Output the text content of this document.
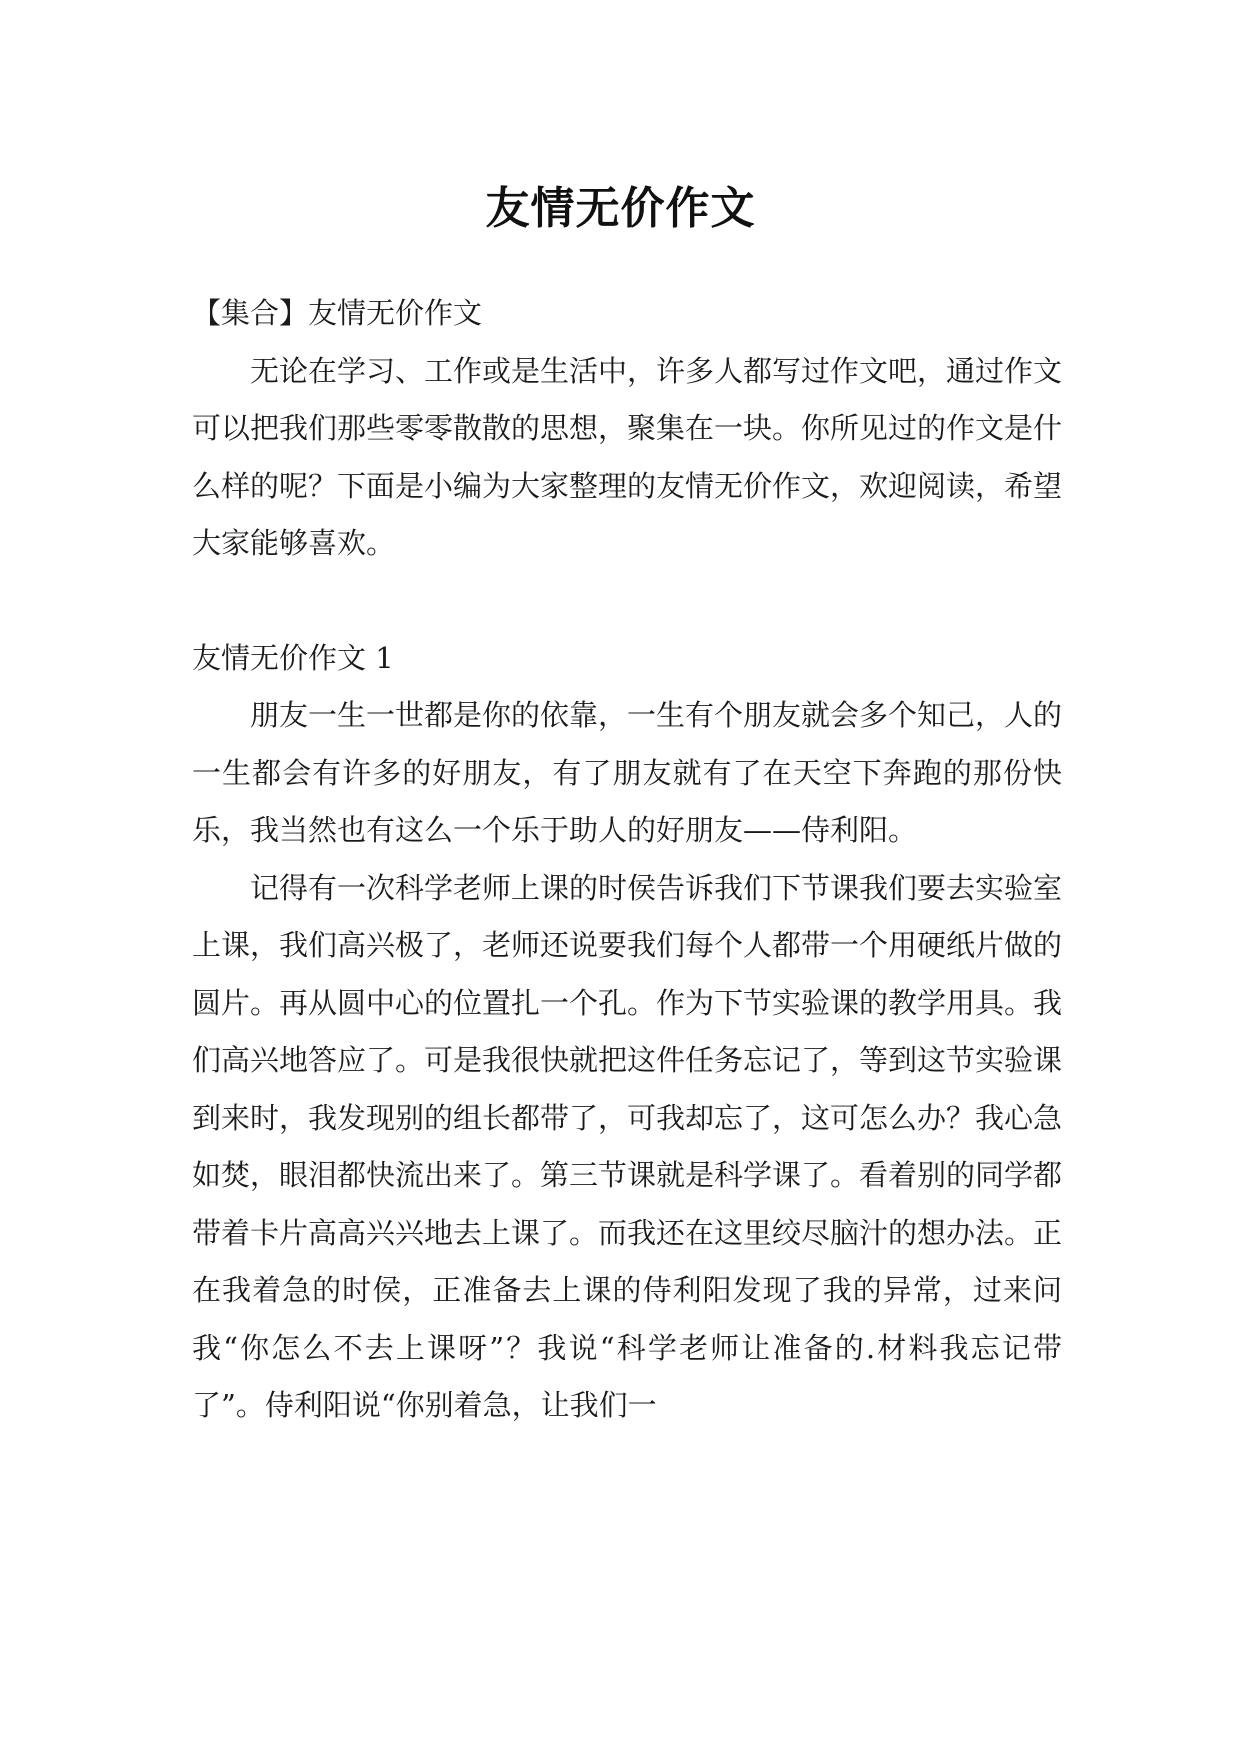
友情无价作文

【集合】友情无价作文

无论在学习、工作或是生活中，许多人都写过作文吧，通过作文可以把我们那些零零散散的思想，聚集在一块。你所见过的作文是什么样的呢？下面是小编为大家整理的友情无价作文，欢迎阅读，希望大家能够喜欢。

友情无价作文 1

朋友一生一世都是你的依靠，一生有个朋友就会多个知己，人的一生都会有许多的好朋友，有了朋友就有了在天空下奔跑的那份快乐，我当然也有这么一个乐于助人的好朋友——侍利阳。

记得有一次科学老师上课的时侯告诉我们下节课我们要去实验室上课，我们高兴极了，老师还说要我们每个人都带一个用硬纸片做的圆片。再从圆中心的位置扎一个孔。作为下节实验课的教学用具。我们高兴地答应了。可是我很快就把这件任务忘记了，等到这节实验课到来时，我发现别的组长都带了，可我却忘了，这可怎么办？我心急如焚，眼泪都快流出来了。第三节课就是科学课了。看着别的同学都带着卡片高高兴兴地去上课了。而我还在这里绞尽脑汁的想办法。正在我着急的时侯，正准备去上课的侍利阳发现了我的异常，过来问我“你怎么不去上课呀”？我说“科学老师让准备的.材料我忘记带了”。侍利阳说“你别着急，让我们一
